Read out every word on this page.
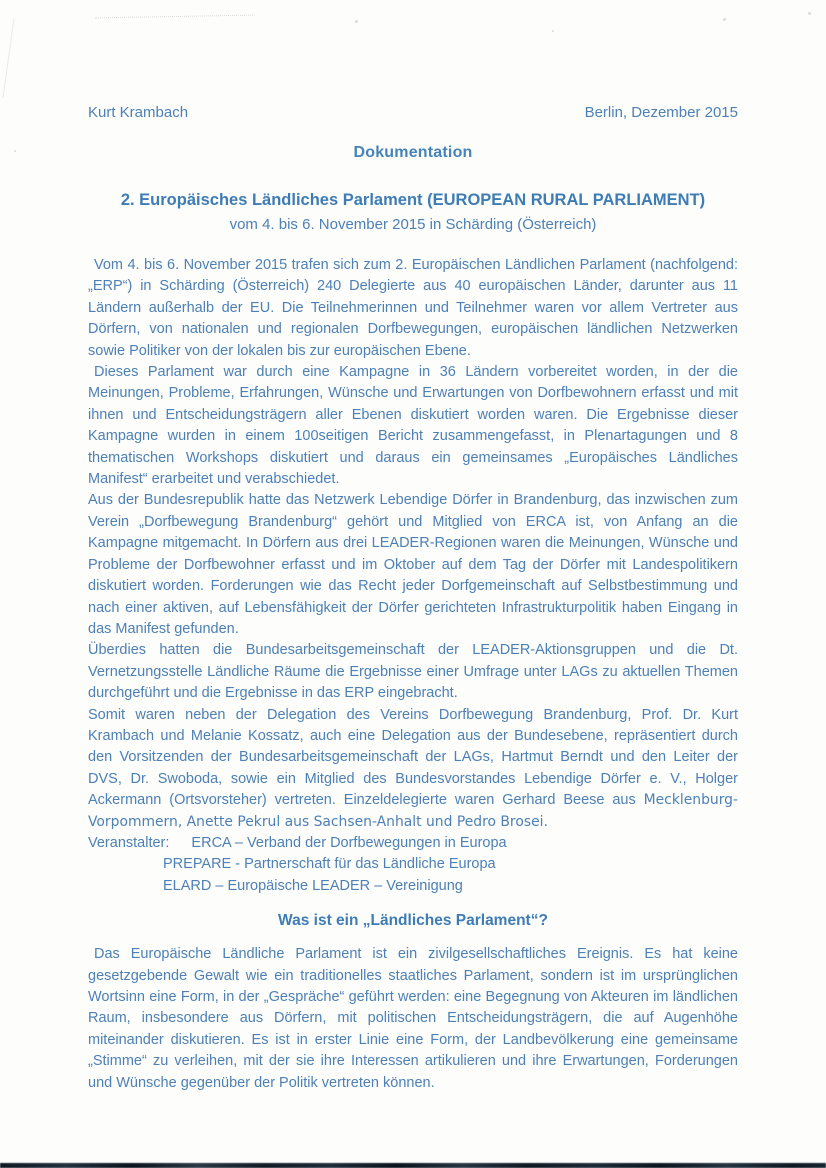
Kurt Krambach	Berlin, Dezember 2015
Dokumentation
2. Europäisches Ländliches Parlament (EUROPEAN RURAL PARLIAMENT)
vom 4. bis 6. November 2015 in Schärding (Österreich)

Vom 4. bis 6. November 2015 trafen sich zum 2. Europäischen Ländlichen Parlament (nachfolgend: „ERP“) in Schärding (Österreich) 240 Delegierte aus 40 europäischen Länder, darunter aus 11 Ländern außerhalb der EU. Die Teilnehmerinnen und Teilnehmer waren vor allem Vertreter aus Dörfern, von nationalen und regionalen Dorfbewegungen, europäischen ländlichen Netzwerken sowie Politiker von der lokalen bis zur europäischen Ebene.

Dieses Parlament war durch eine Kampagne in 36 Ländern vorbereitet worden, in der die Meinungen, Probleme, Erfahrungen, Wünsche und Erwartungen von Dorfbewohnern erfasst und mit ihnen und Entscheidungsträgern aller Ebenen diskutiert worden waren. Die Ergebnisse dieser Kampagne wurden in einem 100seitigen Bericht zusammengefasst, in Plenartagungen und 8 thematischen Workshops diskutiert und daraus ein gemeinsames „Europäisches Ländliches Manifest“ erarbeitet und verabschiedet.

Aus der Bundesrepublik hatte das Netzwerk Lebendige Dörfer in Brandenburg, das inzwischen zum Verein „Dorfbewegung Brandenburg“ gehört und Mitglied von ERCA ist, von Anfang an die Kampagne mitgemacht. In Dörfern aus drei LEADER-Regionen waren die Meinungen, Wünsche und Probleme der Dorfbewohner erfasst und im Oktober auf dem Tag der Dörfer mit Landespolitikern diskutiert worden. Forderungen wie das Recht jeder Dorfgemeinschaft auf Selbstbestimmung und nach einer aktiven, auf Lebensfähigkeit der Dörfer gerichteten Infrastrukturpolitik haben Eingang in das Manifest gefunden.

Überdies hatten die Bundesarbeitsgemeinschaft der LEADER-Aktionsgruppen und die Dt. Vernetzungsstelle Ländliche Räume die Ergebnisse einer Umfrage unter LAGs zu aktuellen Themen durchgeführt und die Ergebnisse in das ERP eingebracht.

Somit waren neben der Delegation des Vereins Dorfbewegung Brandenburg, Prof. Dr. Kurt Krambach und Melanie Kossatz, auch eine Delegation aus der Bundesebene, repräsentiert durch den Vorsitzenden der Bundesarbeitsgemeinschaft der LAGs, Hartmut Berndt und den Leiter der DVS, Dr. Swoboda, sowie ein Mitglied des Bundesvorstandes Lebendige Dörfer e. V., Holger Ackermann (Ortsvorsteher) vertreten. Einzeldelegierte waren Gerhard Beese aus Mecklenburg-Vorpommern, Anette Pekrul aus Sachsen-Anhalt und Pedro Brosei.

Veranstalter: ERCA – Verband der Dorfbewegungen in Europa
PREPARE - Partnerschaft für das Ländliche Europa
ELARD – Europäische LEADER – Vereinigung
Was ist ein „Ländliches Parlament“?

Das Europäische Ländliche Parlament ist ein zivilgesellschaftliches Ereignis. Es hat keine gesetzgebende Gewalt wie ein traditionelles staatliches Parlament, sondern ist im ursprünglichen Wortsinn eine Form, in der „Gespräche“ geführt werden: eine Begegnung von Akteuren im ländlichen Raum, insbesondere aus Dörfern, mit politischen Entscheidungsträgern, die auf Augenhöhe miteinander diskutieren. Es ist in erster Linie eine Form, der Landbevölkerung eine gemeinsame „Stimme“ zu verleihen, mit der sie ihre Interessen artikulieren und ihre Erwartungen, Forderungen und Wünsche gegenüber der Politik vertreten können.
